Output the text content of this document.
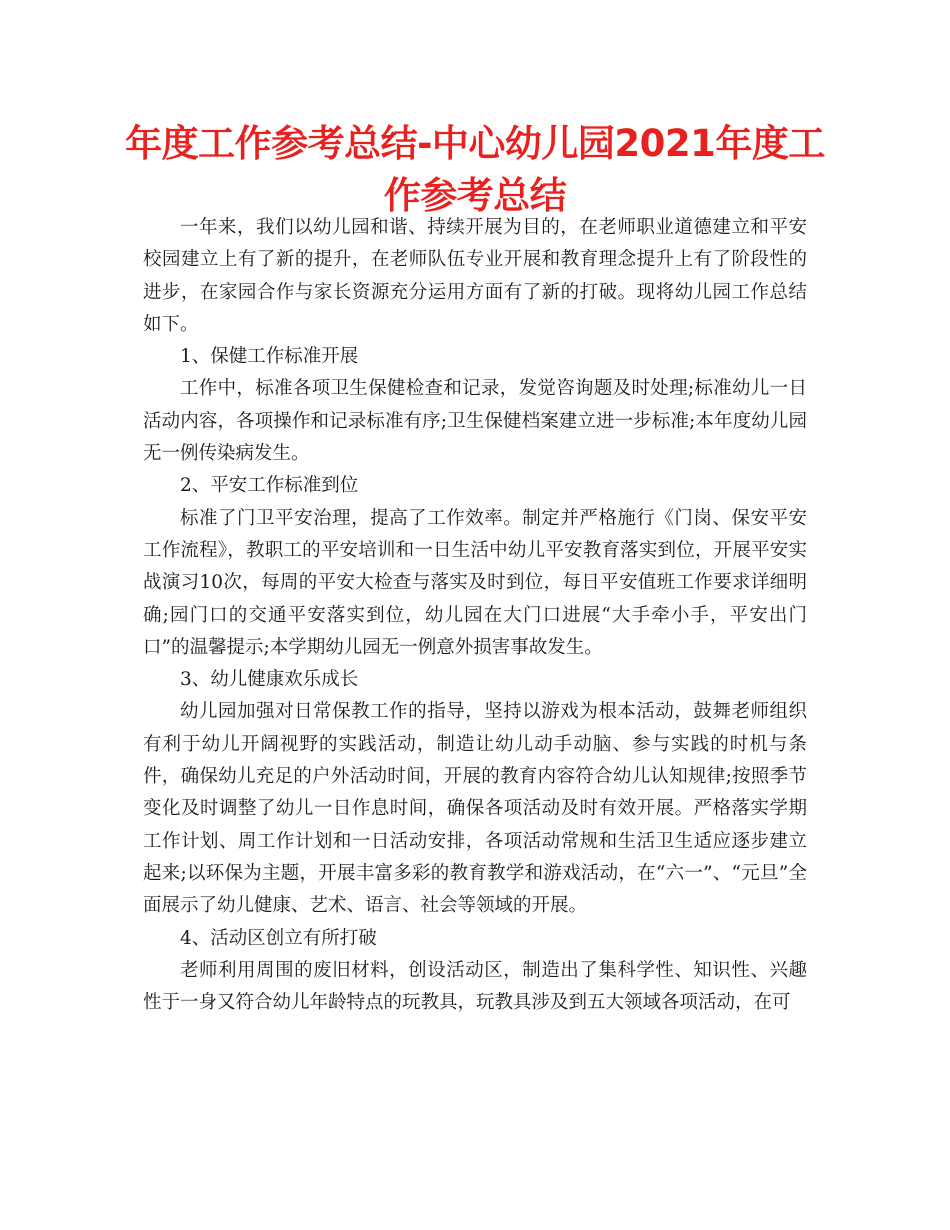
年度工作参考总结-中心幼儿园2021年度工作参考总结

一年来，我们以幼儿园和谐、持续开展为目的，在老师职业道德建立和平安校园建立上有了新的提升，在老师队伍专业开展和教育理念提升上有了阶段性的进步，在家园合作与家长资源充分运用方面有了新的打破。现将幼儿园工作总结如下。

1、保健工作标准开展

工作中，标准各项卫生保健检查和记录，发觉咨询题及时处理;标准幼儿一日活动内容，各项操作和记录标准有序;卫生保健档案建立进一步标准;本年度幼儿园无一例传染病发生。

2、平安工作标准到位

标准了门卫平安治理，提高了工作效率。制定并严格施行《门岗、保安平安工作流程》，教职工的平安培训和一日生活中幼儿平安教育落实到位，开展平安实战演习10次，每周的平安大检查与落实及时到位，每日平安值班工作要求详细明确;园门口的交通平安落实到位，幼儿园在大门口进展“大手牵小手，平安出门口”的温馨提示;本学期幼儿园无一例意外损害事故发生。

3、幼儿健康欢乐成长

幼儿园加强对日常保教工作的指导，坚持以游戏为根本活动，鼓舞老师组织有利于幼儿开阔视野的实践活动，制造让幼儿动手动脑、参与实践的时机与条件，确保幼儿充足的户外活动时间，开展的教育内容符合幼儿认知规律;按照季节变化及时调整了幼儿一日作息时间，确保各项活动及时有效开展。严格落实学期工作计划、周工作计划和一日活动安排，各项活动常规和生活卫生适应逐步建立起来;以环保为主题，开展丰富多彩的教育教学和游戏活动，在“六一”、“元旦”全面展示了幼儿健康、艺术、语言、社会等领域的开展。

4、活动区创立有所打破

老师利用周围的废旧材料，创设活动区，制造出了集科学性、知识性、兴趣性于一身又符合幼儿年龄特点的玩教具，玩教具涉及到五大领域各项活动，在可
